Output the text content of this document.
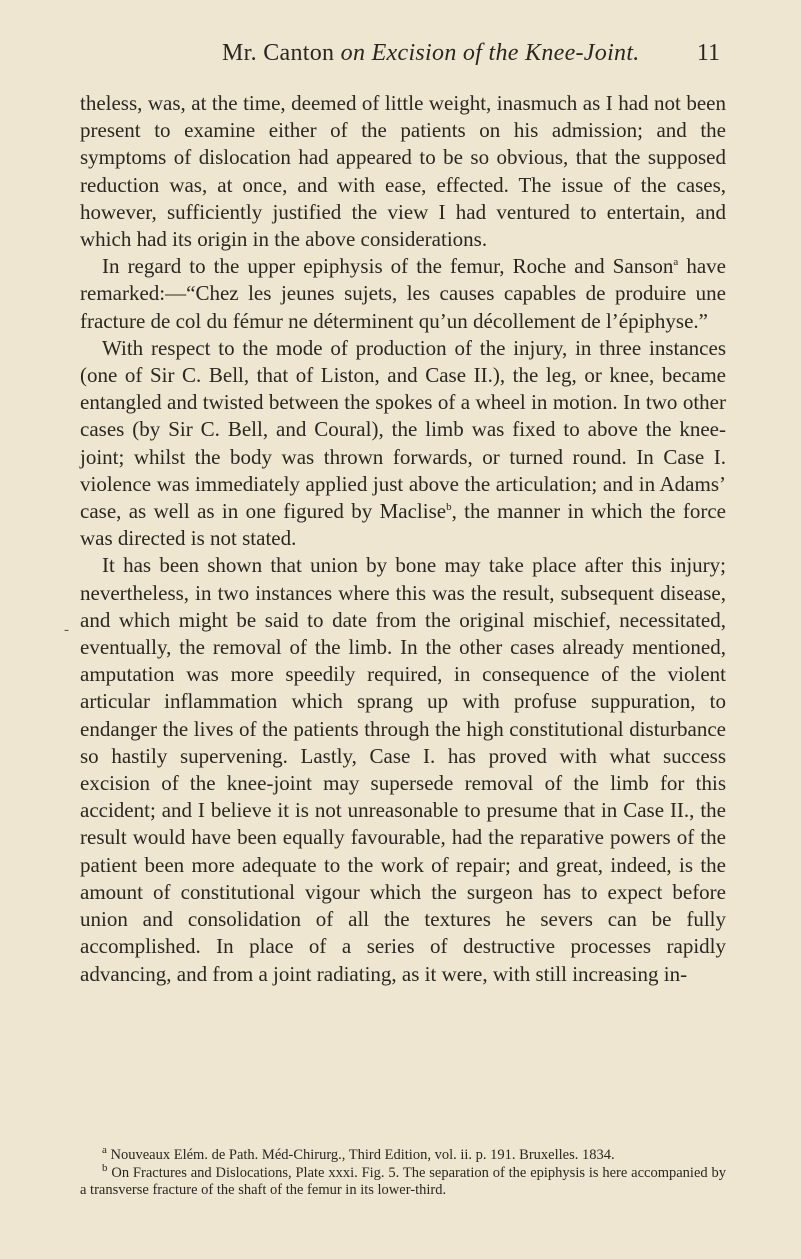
Mr. Canton on Excision of the Knee-Joint.	11
-

theless, was, at the time, deemed of little weight, inasmuch as I had not been present to examine either of the patients on his admission; and the symptoms of dislocation had appeared to be so obvious, that the supposed reduction was, at once, and with ease, effected. The issue of the cases, however, sufficiently justified the view I had ventured to entertain, and which had its origin in the above considerations.

In regard to the upper epiphysis of the femur, Roche and Sanson$^a$ have remarked:—“Chez les jeunes sujets, les causes capables de produire une fracture de col du fémur ne déterminent qu’un décollement de l’épiphyse.”

With respect to the mode of production of the injury, in three instances (one of Sir C. Bell, that of Liston, and Case II.), the leg, or knee, became entangled and twisted between the spokes of a wheel in motion. In two other cases (by Sir C. Bell, and Coural), the limb was fixed to above the knee-joint; whilst the body was thrown forwards, or turned round. In Case I. violence was immediately applied just above the articulation; and in Adams’ case, as well as in one figured by Maclise$^b$, the manner in which the force was directed is not stated.

It has been shown that union by bone may take place after this injury; nevertheless, in two instances where this was the result, subsequent disease, and which might be said to date from the original mischief, necessitated, eventually, the removal of the limb. In the other cases already mentioned, amputation was more speedily required, in consequence of the violent articular inflammation which sprang up with profuse suppuration, to endanger the lives of the patients through the high constitutional disturbance so hastily supervening. Lastly, Case I. has proved with what success excision of the knee-joint may supersede removal of the limb for this accident; and I believe it is not unreasonable to presume that in Case II., the result would have been equally favourable, had the reparative powers of the patient been more adequate to the work of repair; and great, indeed, is the amount of constitutional vigour which the surgeon has to expect before union and consolidation of all the textures he severs can be fully accomplished. In place of a series of destructive processes rapidly advancing, and from a joint radiating, as it were, with still increasing in-

$^a$ Nouveaux Elém. de Path. Méd-Chirurg., Third Edition, vol. ii. p. 191. Bruxelles. 1834.

$^b$ On Fractures and Dislocations, Plate xxxi. Fig. 5. The separation of the epiphysis is here accompanied by a transverse fracture of the shaft of the femur in its lower-third.
